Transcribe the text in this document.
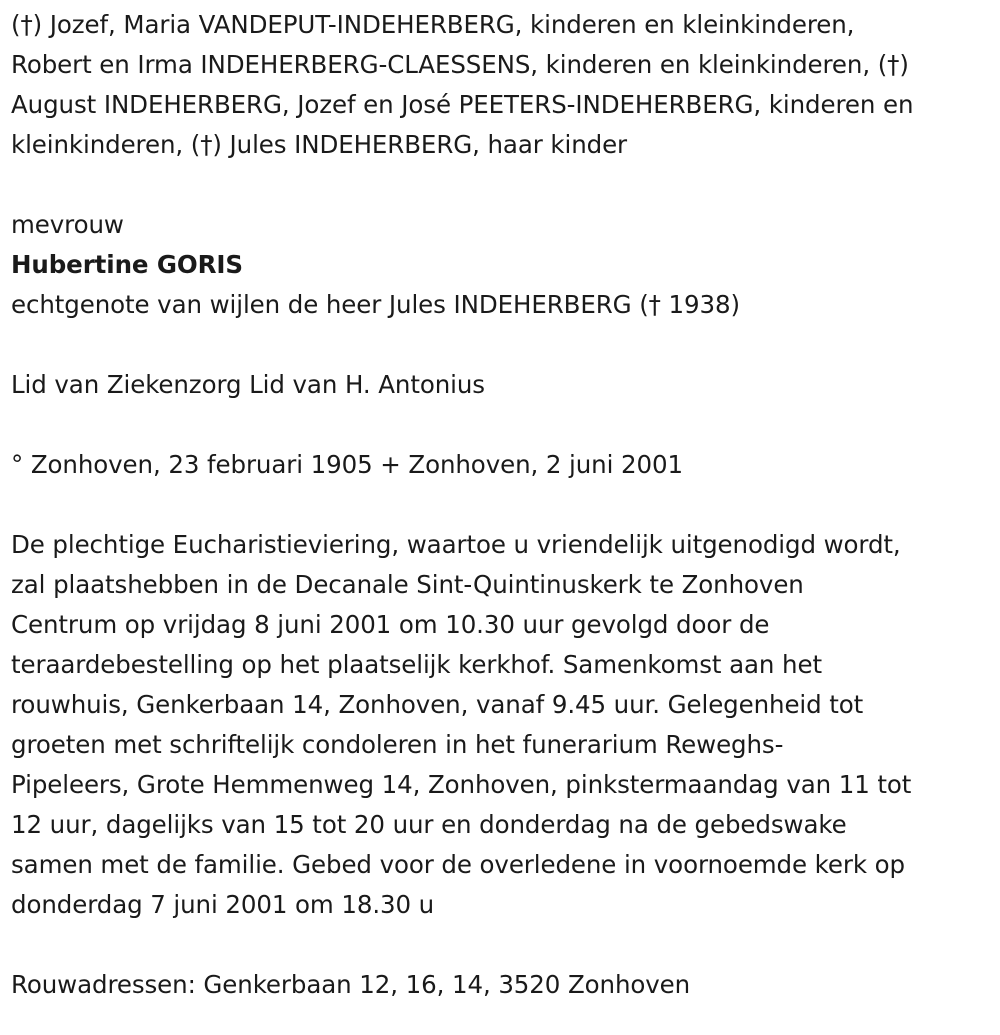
(†) Jozef, Maria VANDEPUT-INDEHERBERG, kinderen en kleinkinderen,
Robert en Irma INDEHERBERG-CLAESSENS, kinderen en kleinkinderen, (†)
August INDEHERBERG, Jozef en José PEETERS-INDEHERBERG, kinderen en
kleinkinderen, (†) Jules INDEHERBERG, haar kinder

mevrouw

Hubertine GORIS

echtgenote van wijlen de heer Jules INDEHERBERG († 1938)

Lid van Ziekenzorg Lid van H. Antonius

° Zonhoven, 23 februari 1905 + Zonhoven, 2 juni 2001

De plechtige Eucharistieviering, waartoe u vriendelijk uitgenodigd wordt,
zal plaatshebben in de Decanale Sint-Quintinuskerk te Zonhoven
Centrum op vrijdag 8 juni 2001 om 10.30 uur gevolgd door de
teraardebestelling op het plaatselijk kerkhof. Samenkomst aan het
rouwhuis, Genkerbaan 14, Zonhoven, vanaf 9.45 uur. Gelegenheid tot
groeten met schriftelijk condoleren in het funerarium Reweghs-
Pipeleers, Grote Hemmenweg 14, Zonhoven, pinkstermaandag van 11 tot
12 uur, dagelijks van 15 tot 20 uur en donderdag na de gebedswake
samen met de familie. Gebed voor de overledene in voornoemde kerk op
donderdag 7 juni 2001 om 18.30 u

Rouwadressen: Genkerbaan 12, 16, 14, 3520 Zonhoven
